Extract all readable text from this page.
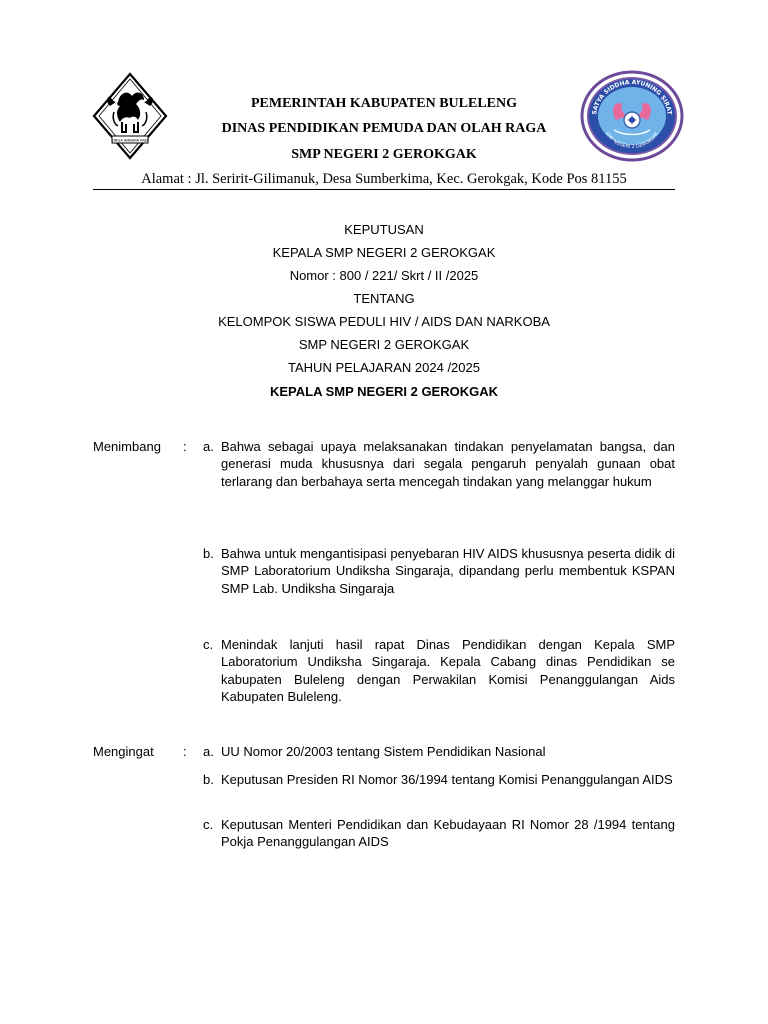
SINGA AMBARA RAJA
PEMERINTAH KABUPATEN BULELENG
DINAS PENDIDIKAN PEMUDA DAN OLAH RAGA
SMP NEGERI 2 GEROKGAK
SATYA SIDDHA AYUNING SIRAT
SMP NEGERI 2 GEROKGAK
Alamat : Jl. Seririt-Gilimanuk, Desa Sumberkima, Kec. Gerokgak, Kode Pos 81155
KEPUTUSAN
KEPALA SMP NEGERI 2 GEROKGAK
Nomor : 800 / 221/ Skrt / II /2025
TENTANG
KELOMPOK SISWA PEDULI HIV / AIDS DAN NARKOBA
SMP NEGERI 2 GEROKGAK
TAHUN PELAJARAN 2024 /2025
KEPALA SMP NEGERI 2 GEROKGAK
Menimbang : a. Bahwa sebagai upaya melaksanakan tindakan penyelamatan bangsa, dan generasi muda khususnya dari segala pengaruh penyalah gunaan obat terlarang dan berbahaya serta mencegah tindakan yang melanggar hukum
b. Bahwa untuk mengantisipasi penyebaran HIV AIDS khususnya peserta didik di SMP Laboratorium Undiksha Singaraja, dipandang perlu membentuk KSPAN SMP Lab. Undiksha Singaraja
c. Menindak lanjuti hasil rapat Dinas Pendidikan dengan Kepala SMP Laboratorium Undiksha Singaraja. Kepala Cabang dinas Pendidikan se kabupaten Buleleng dengan Perwakilan Komisi Penanggulangan Aids Kabupaten Buleleng.
Mengingat : a. UU Nomor 20/2003 tentang Sistem Pendidikan Nasional
b. Keputusan Presiden RI Nomor 36/1994 tentang Komisi Penanggulangan AIDS
c. Keputusan Menteri Pendidikan dan Kebudayaan RI Nomor 28 /1994 tentang Pokja Penanggulangan AIDS
